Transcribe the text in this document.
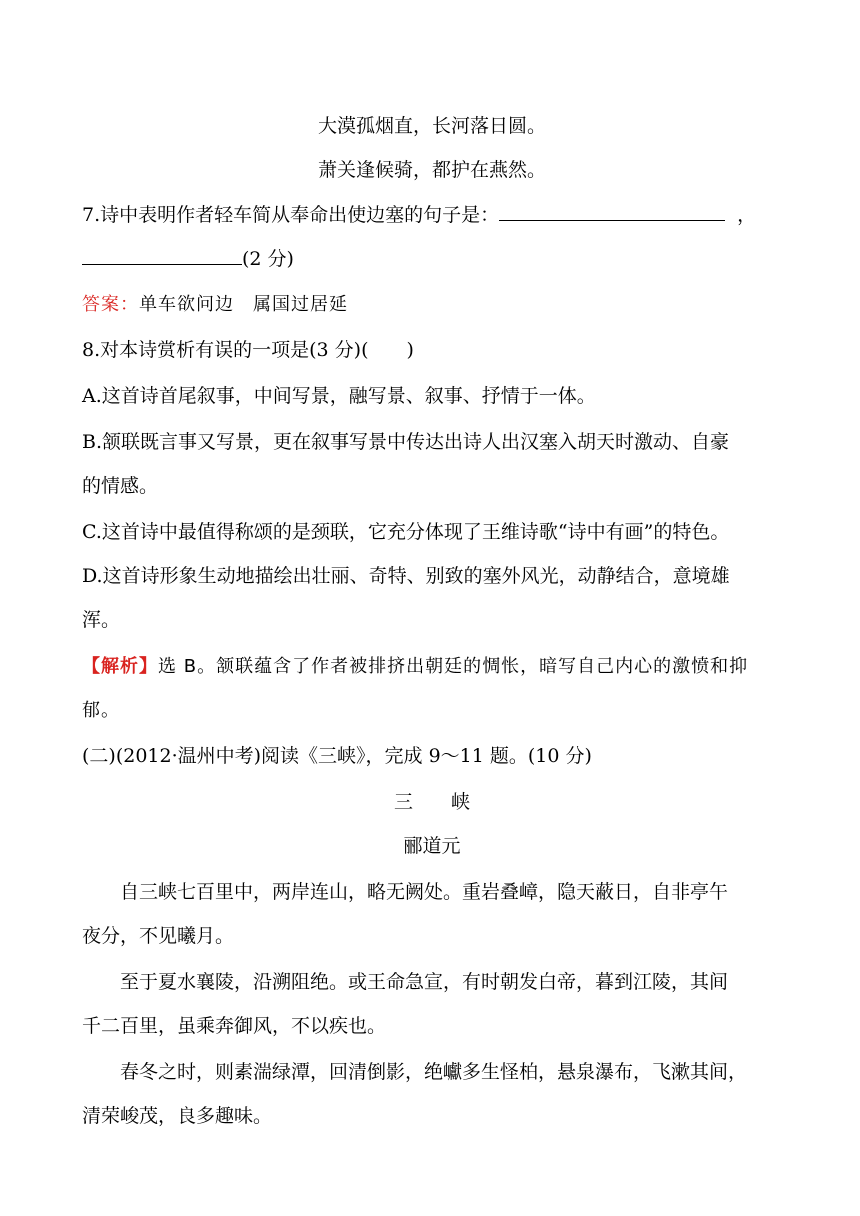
大漠孤烟直，长河落日圆。
萧关逢候骑，都护在燕然。
7.诗中表明作者轻车简从奉命出使边塞的句子是：	，
(2 分)
答案：单车欲问边　属国过居延
8.对本诗赏析有误的一项是(3 分)(　　)
A.这首诗首尾叙事，中间写景，融写景、叙事、抒情于一体。
B.颔联既言事又写景，更在叙事写景中传达出诗人出汉塞入胡天时激动、自豪
的情感。
C.这首诗中最值得称颂的是颈联，它充分体现了王维诗歌“诗中有画”的特色。
D.这首诗形象生动地描绘出壮丽、奇特、别致的塞外风光，动静结合，意境雄
浑。
【解析】选 B。颔联蕴含了作者被排挤出朝廷的惆怅，暗写自己内心的激愤和抑
郁。
(二)(2012·温州中考)阅读《三峡》，完成 9～11 题。(10 分)
三　　峡
郦道元
自三峡七百里中，两岸连山，略无阙处。重岩叠嶂，隐天蔽日，自非亭午
夜分，不见曦月。
至于夏水襄陵，沿溯阻绝。或王命急宣，有时朝发白帝，暮到江陵，其间
千二百里，虽乘奔御风，不以疾也。
春冬之时，则素湍绿潭，回清倒影，绝巘多生怪柏，悬泉瀑布，飞漱其间，
清荣峻茂，良多趣味。
